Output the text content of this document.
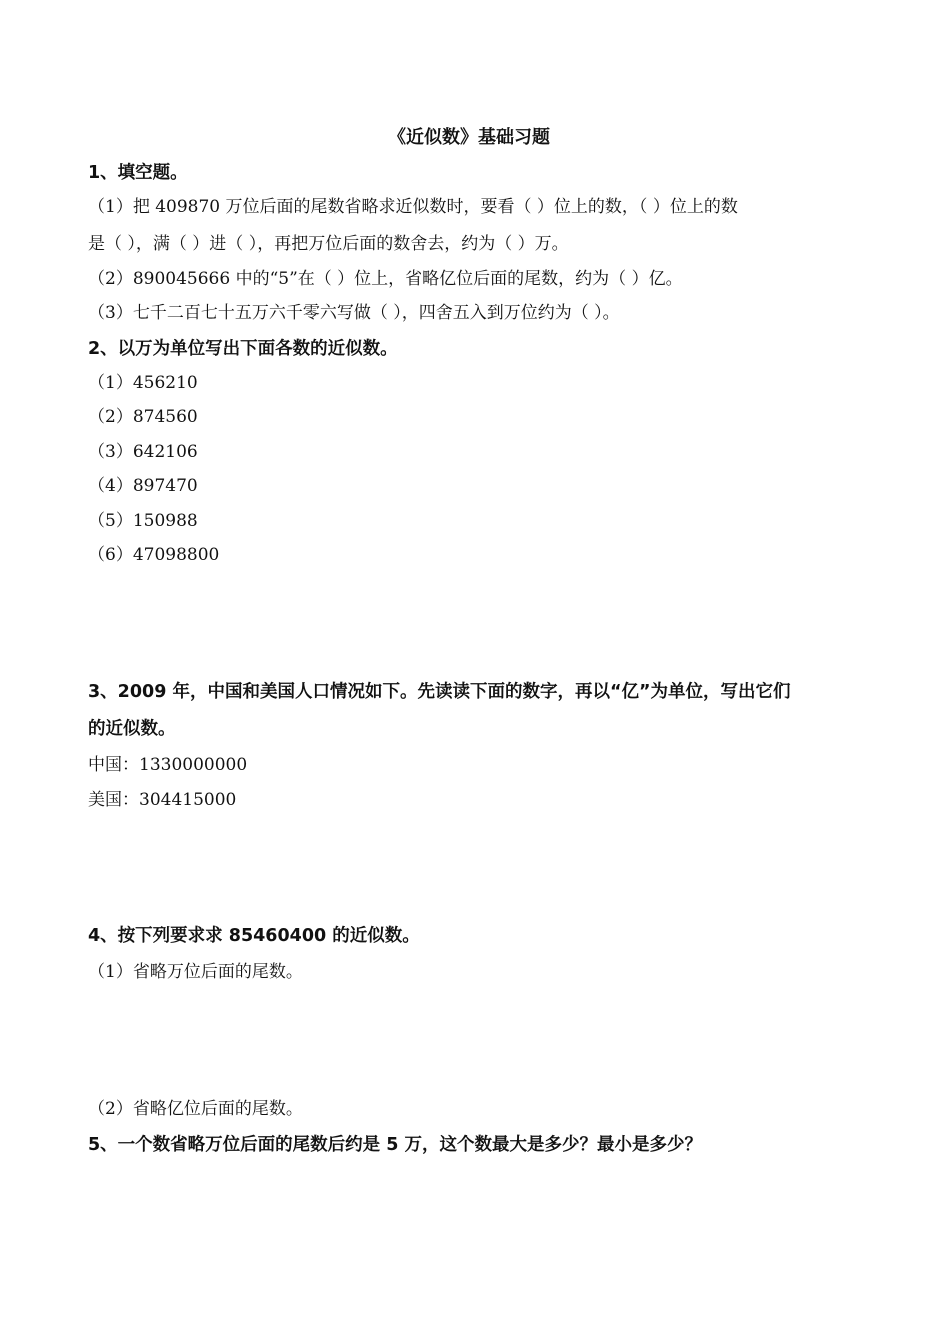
《近似数》基础习题
1、填空题。
（1）把 409870 万位后面的尾数省略求近似数时，要看（ ）位上的数，（ ）位上的数
是（ ），满（ ）进（ ），再把万位后面的数舍去，约为（ ）万。
（2）890045666 中的“5”在（ ）位上，省略亿位后面的尾数，约为（ ）亿。
（3）七千二百七十五万六千零六写做（ ），四舍五入到万位约为（ ）。
2、以万为单位写出下面各数的近似数。
（1）456210
（2）874560
（3）642106
（4）897470
（5）150988
（6）47098800
3、2009 年，中国和美国人口情况如下。先读读下面的数字，再以“亿”为单位，写出它们
的近似数。
中国：1330000000
美国：304415000
4、按下列要求求 85460400 的近似数。
（1）省略万位后面的尾数。
（2）省略亿位后面的尾数。
5、一个数省略万位后面的尾数后约是 5 万，这个数最大是多少？最小是多少？
